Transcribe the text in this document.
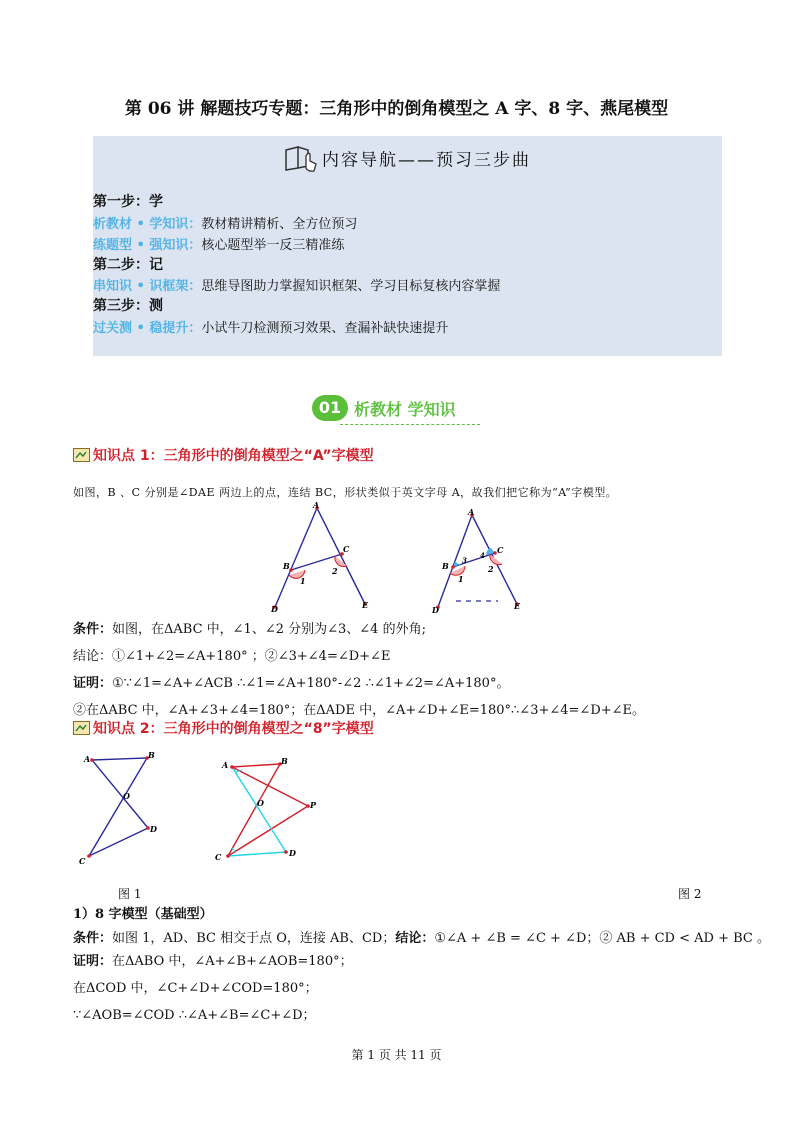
第 06 讲 解题技巧专题：三角形中的倒角模型之 A 字、8 字、燕尾模型
内容导航——预习三步曲
第一步：学
析教材 • 学知识：教材精讲精析、全方位预习
练题型 • 强知识：核心题型举一反三精准练
第二步：记
串知识 • 识框架：思维导图助力掌握知识框架、学习目标复核内容掌握
第三步：测
过关测 • 稳提升：小试牛刀检测预习效果、查漏补缺快速提升
01 析教材 学知识
知识点 1：三角形中的倒角模型之“A”字模型
如图，B 、C 分别是∠DAE 两边上的点，连结 BC，形状类似于英文字母 A，故我们把它称为“A”字模型。
A
B
C
D	E
1
2
A
B
C
D	E
1
2
3
4
条件：如图，在ΔABC 中，∠1、∠2 分别为∠3、∠4 的外角;
结论：①∠1+∠2=∠A+180° ；②∠3+∠4=∠D+∠E
证明：①∵∠1=∠A+∠ACB ∴∠1=∠A+180°-∠2 ∴∠1+∠2=∠A+180°。
②在ΔABC 中，∠A+∠3+∠4=180°；在ΔADE 中，∠A+∠D+∠E=180°∴∠3+∠4=∠D+∠E。
知识点 2：三角形中的倒角模型之“8”字模型
A	B
O
D
C
A	B
O	P
D
C
图 1	图 2
1）8 字模型（基础型）
条件：如图 1，AD、BC 相交于点 O，连接 AB、CD；结论：①∠A + ∠B = ∠C + ∠D；② AB + CD < AD + BC 。
证明：在ΔABO 中，∠A+∠B+∠AOB=180°；
在ΔCOD 中，∠C+∠D+∠COD=180°；
∵∠AOB=∠COD ∴∠A+∠B=∠C+∠D；
第 1 页 共 11 页
